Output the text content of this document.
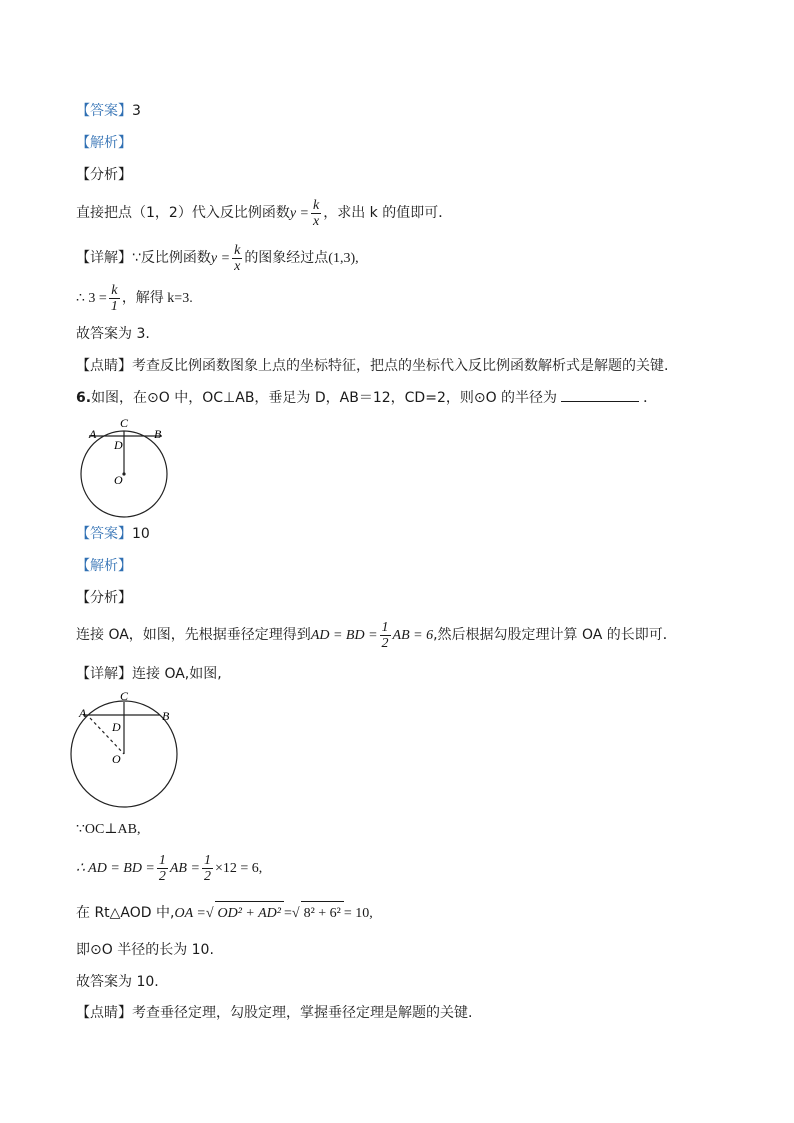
【答案】3
【解析】
【分析】
直接把点（1，2）代入反比例函数$y = \frac{k}{x}$ ，求出 k 的值即可．
【详解】∵反比例函数$y = \frac{k}{x}$ 的图象经过点(1,3),
∴ $3 = \frac{k}{1}$ ，解得 k=3.
故答案为 3.
【点睛】考查反比例函数图象上点的坐标特征，把点的坐标代入反比例函数解析式是解题的关键.
6.如图，在⊙O 中，OC⊥AB，垂足为 D，AB＝12，CD=2，则⊙O 的半径为	．
A	B
C
D
O
【答案】10
【解析】
【分析】
连接 OA，如图，先根据垂径定理得到AD = BD = $\frac{1}{2}$ AB = 6,然后根据勾股定理计算 OA 的长即可．
【详解】连接 OA,如图,
A	B
C
D
O
∵OC⊥AB,
∴ AD = BD = $\frac{1}{2}$ AB = $\frac{1}{2} \times 12 = 6$,
在 Rt△AOD 中,OA =√ OD² + AD² =√ 8² + 6² = 10,
即⊙O 半径的长为 10.
故答案为 10.
【点睛】考查垂径定理，勾股定理，掌握垂径定理是解题的关键.
